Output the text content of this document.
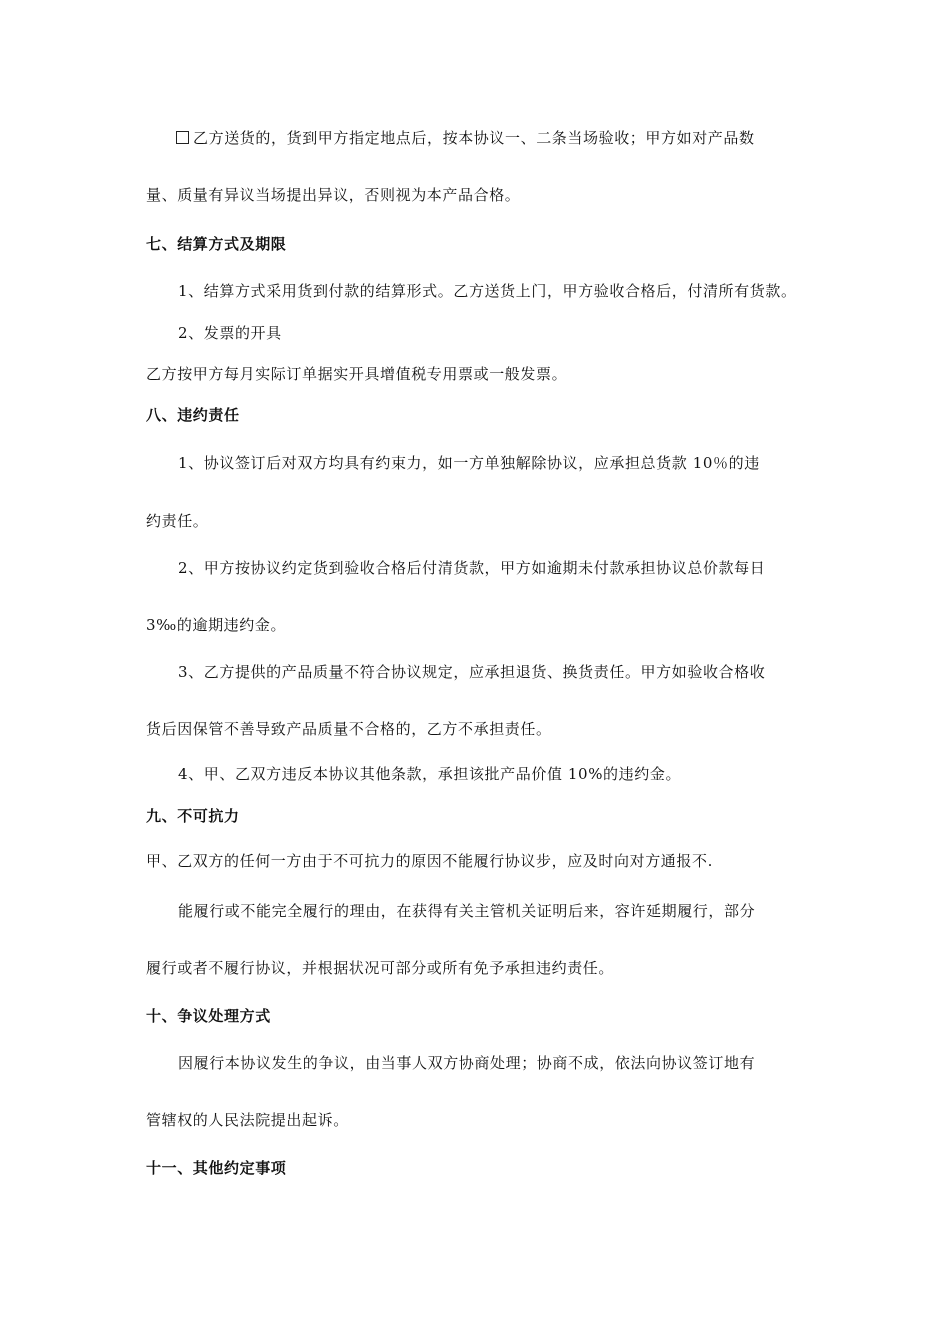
乙方送货的，货到甲方指定地点后，按本协议一、二条当场验收；甲方如对产品数
量、质量有异议当场提出异议，否则视为本产品合格。
七、结算方式及期限
1、结算方式采用货到付款的结算形式。乙方送货上门，甲方验收合格后，付清所有货款。
2、发票的开具
乙方按甲方每月实际订单据实开具增值税专用票或一般发票。
八、违约责任
1、协议签订后对双方均具有约束力，如一方单独解除协议，应承担总货款 10％的违
约责任。
2、甲方按协议约定货到验收合格后付清货款，甲方如逾期未付款承担协议总价款每日
3‰的逾期违约金。
3、乙方提供的产品质量不符合协议规定，应承担退货、换货责任。甲方如验收合格收
货后因保管不善导致产品质量不合格的，乙方不承担责任。
4、甲、乙双方违反本协议其他条款，承担该批产品价值 10%的违约金。
九、不可抗力
甲、乙双方的任何一方由于不可抗力的原因不能履行协议步，应及时向对方通报不.
能履行或不能完全履行的理由，在获得有关主管机关证明后来，容许延期履行，部分
履行或者不履行协议，并根据状况可部分或所有免予承担违约责任。
十、争议处理方式
因履行本协议发生的争议，由当事人双方协商处理；协商不成，依法向协议签订地有
管辖权的人民法院提出起诉。
十一、其他约定事项
